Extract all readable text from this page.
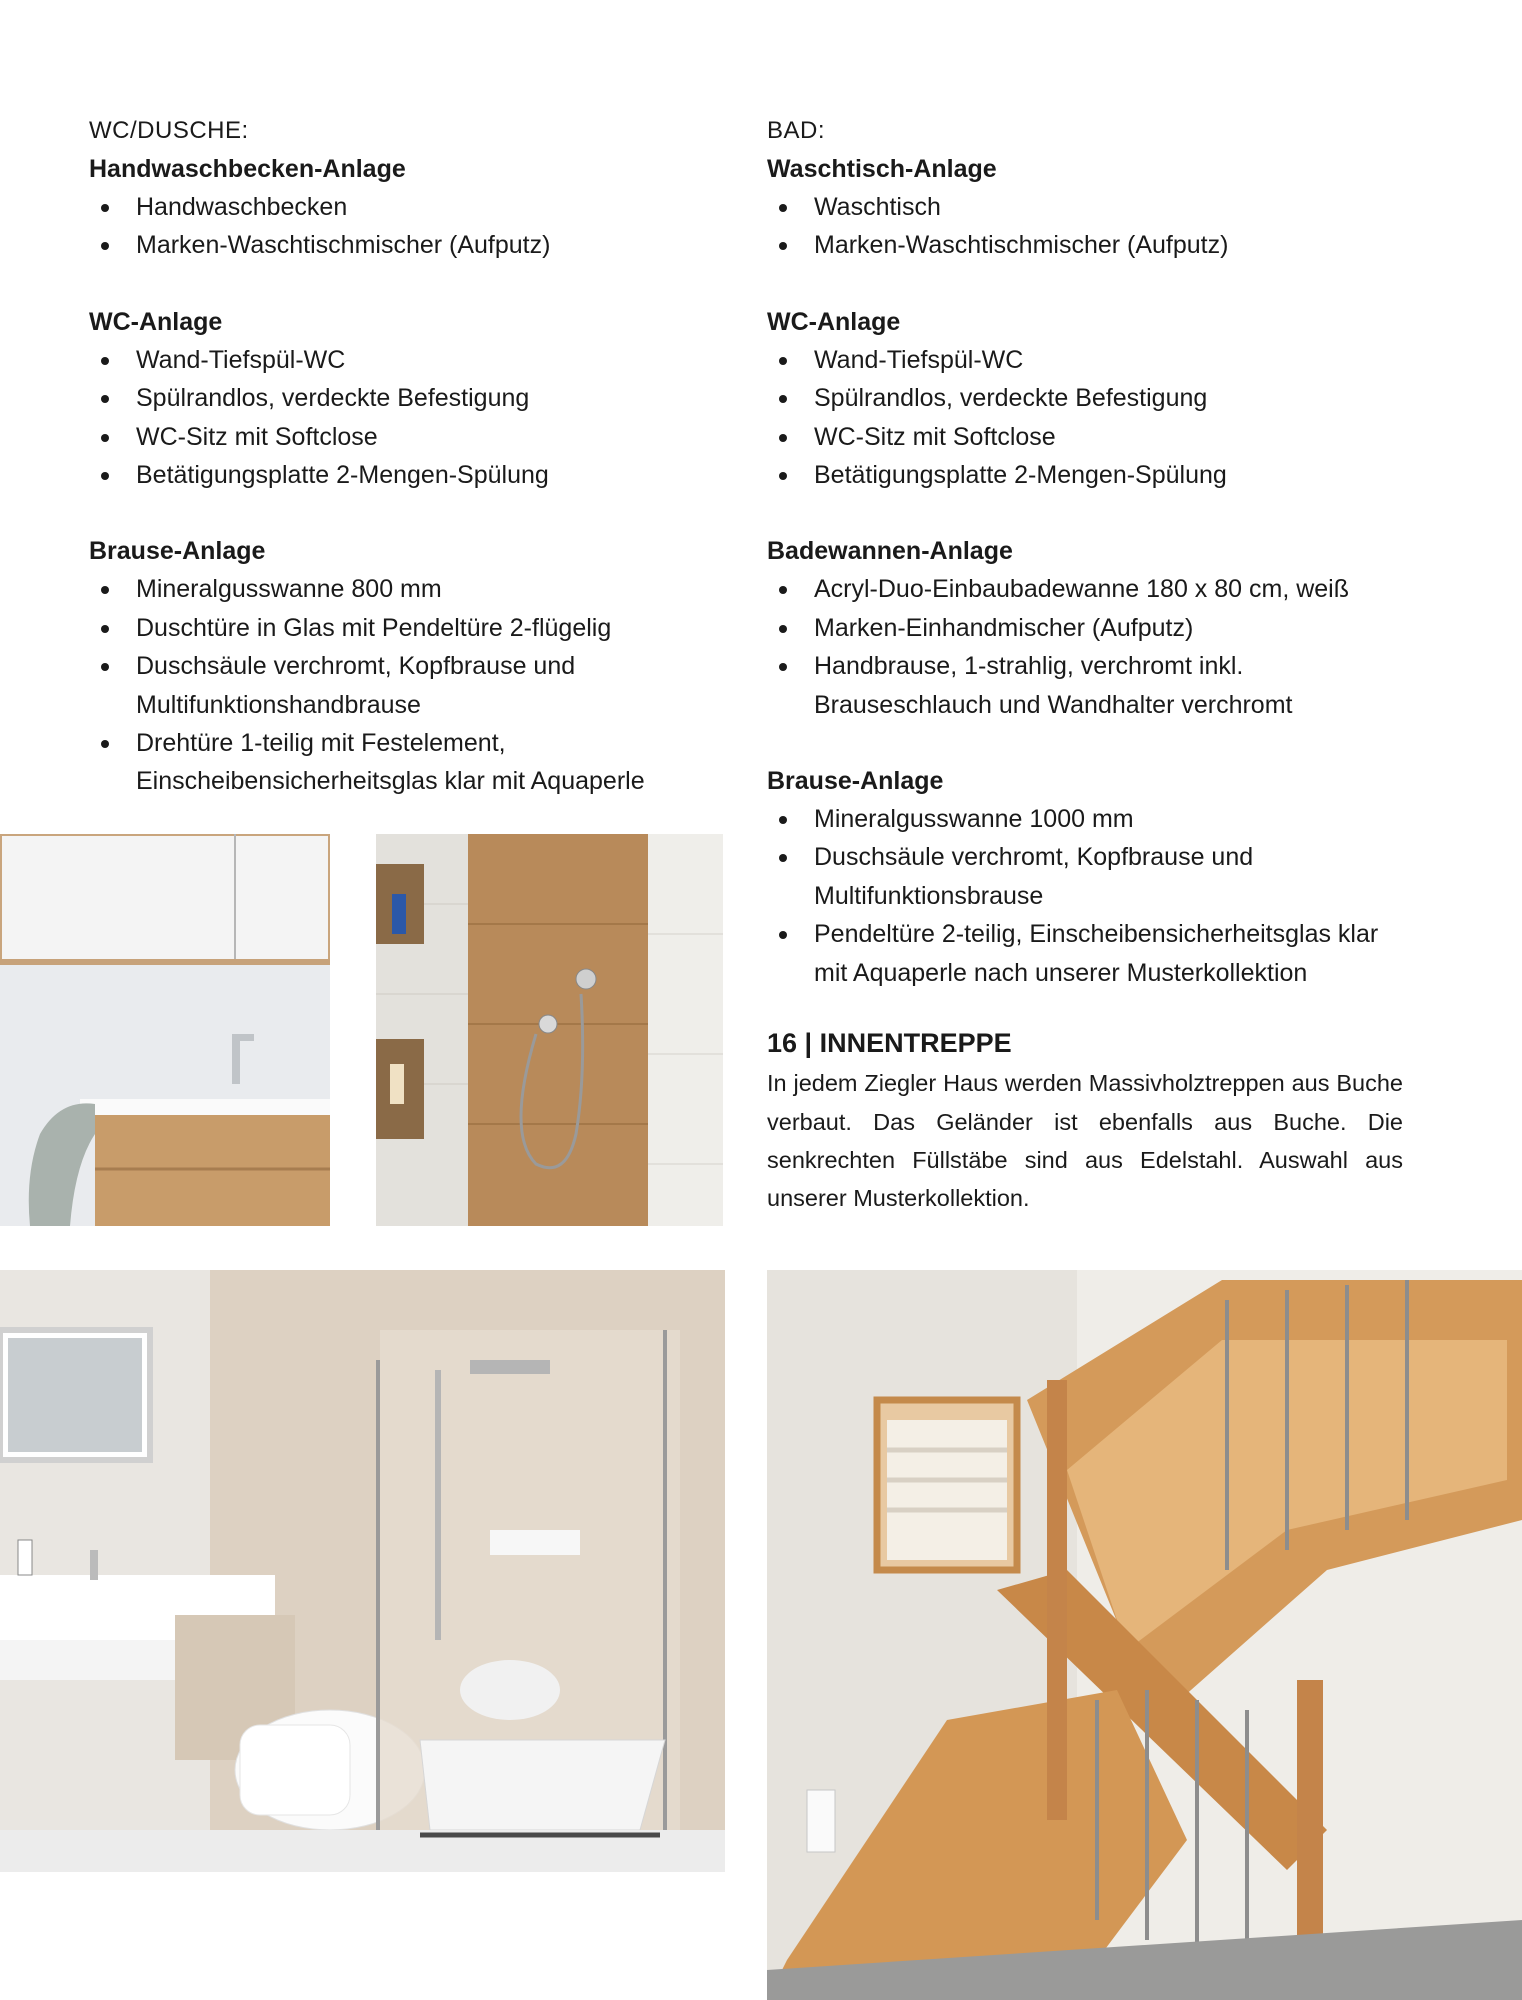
WC/DUSCHE:

Handwaschbecken-Anlage

Handwaschbecken
Marken-Waschtischmischer (Aufputz)

WC-Anlage

Wand-Tiefspül-WC
Spülrandlos, verdeckte Befestigung
WC-Sitz mit Softclose
Betätigungsplatte 2-Mengen-Spülung

Brause-Anlage

Mineralgusswanne 800 mm
Duschtüre in Glas mit Pendeltüre 2-flügelig
Duschsäule verchromt, Kopfbrause und Multifunktionshandbrause
Drehtüre 1-teilig mit Festelement, Einscheibensicherheitsglas klar mit Aquaperle

BAD:

Waschtisch-Anlage

Waschtisch
Marken-Waschtischmischer (Aufputz)

WC-Anlage

Wand-Tiefspül-WC
Spülrandlos, verdeckte Befestigung
WC-Sitz mit Softclose
Betätigungsplatte 2-Mengen-Spülung

Badewannen-Anlage

Acryl-Duo-Einbaubadewanne 180 x 80 cm, weiß
Marken-Einhandmischer (Aufputz)
Handbrause, 1-strahlig, verchromt inkl. Brauseschlauch und Wandhalter verchromt

Brause-Anlage

Mineralgusswanne 1000 mm
Duschsäule verchromt, Kopfbrause und Multifunktionsbrause
Pendeltüre 2-teilig, Einscheibensicherheitsglas klar mit Aquaperle nach unserer Musterkollektion
16 | INNENTREPPE

In jedem Ziegler Haus werden Massivholztreppen aus Buche verbaut. Das Geländer ist ebenfalls aus Buche. Die senkrechten Füllstäbe sind aus Edelstahl. Auswahl aus unserer Musterkollektion.
